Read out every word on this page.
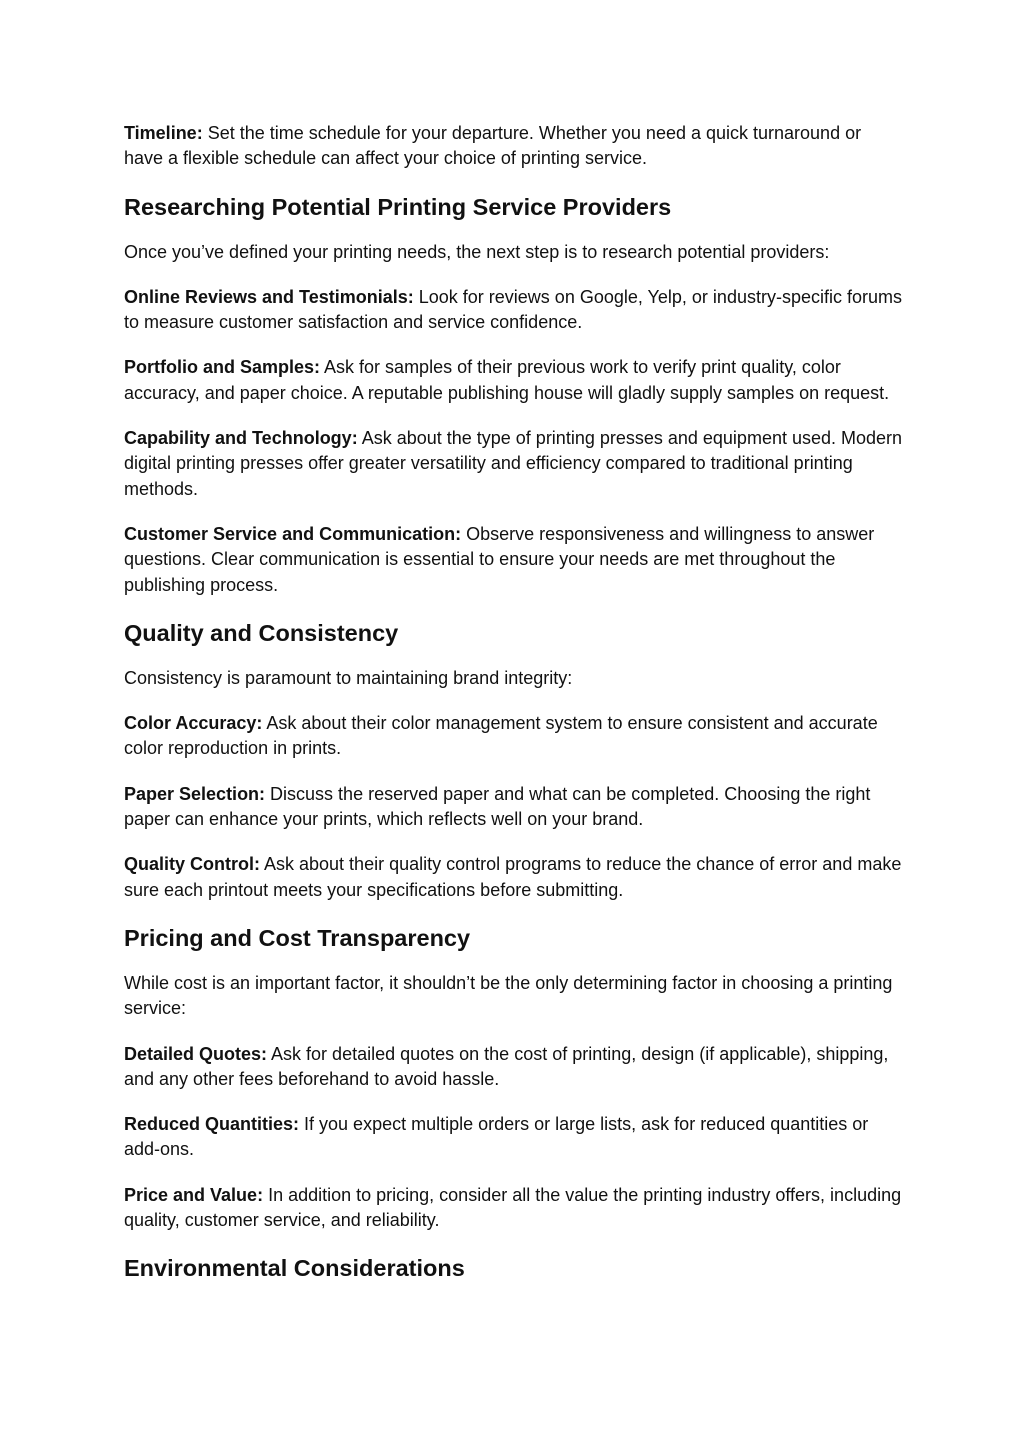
Timeline: Set the time schedule for your departure. Whether you need a quick turnaround or have a flexible schedule can affect your choice of printing service.

Researching Potential Printing Service Providers

Once you’ve defined your printing needs, the next step is to research potential providers:

Online Reviews and Testimonials: Look for reviews on Google, Yelp, or industry-specific forums to measure customer satisfaction and service confidence.

Portfolio and Samples: Ask for samples of their previous work to verify print quality, color accuracy, and paper choice. A reputable publishing house will gladly supply samples on request.

Capability and Technology: Ask about the type of printing presses and equipment used. Modern digital printing presses offer greater versatility and efficiency compared to traditional printing methods.

Customer Service and Communication: Observe responsiveness and willingness to answer questions. Clear communication is essential to ensure your needs are met throughout the publishing process.

Quality and Consistency

Consistency is paramount to maintaining brand integrity:

Color Accuracy: Ask about their color management system to ensure consistent and accurate color reproduction in prints.

Paper Selection: Discuss the reserved paper and what can be completed. Choosing the right paper can enhance your prints, which reflects well on your brand.

Quality Control: Ask about their quality control programs to reduce the chance of error and make sure each printout meets your specifications before submitting.

Pricing and Cost Transparency

While cost is an important factor, it shouldn’t be the only determining factor in choosing a printing service:

Detailed Quotes: Ask for detailed quotes on the cost of printing, design (if applicable), shipping, and any other fees beforehand to avoid hassle.

Reduced Quantities: If you expect multiple orders or large lists, ask for reduced quantities or add-ons.

Price and Value: In addition to pricing, consider all the value the printing industry offers, including quality, customer service, and reliability.

Environmental Considerations
